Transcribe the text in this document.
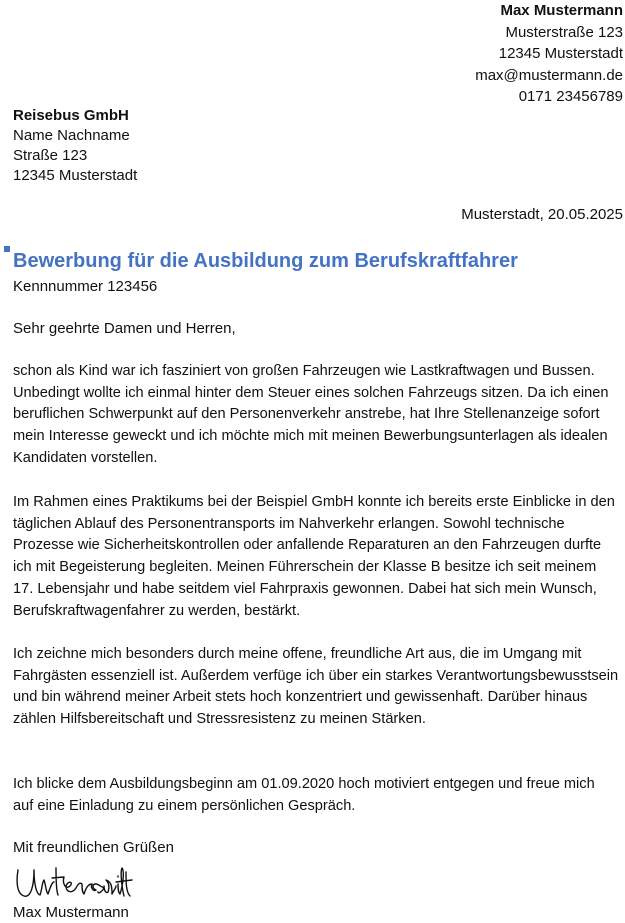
Max Mustermann
Musterstraße 123
12345 Musterstadt
max@mustermann.de
0171 23456789
Reisebus GmbH
Name Nachname
Straße 123
12345 Musterstadt
Musterstadt, 20.05.2025
Bewerbung für die Ausbildung zum Berufskraftfahrer
Kennnummer 123456
Sehr geehrte Damen und Herren,

schon als Kind war ich fasziniert von großen Fahrzeugen wie Lastkraftwagen und Bussen. Unbedingt wollte ich einmal hinter dem Steuer eines solchen Fahrzeugs sitzen. Da ich einen beruflichen Schwerpunkt auf den Personenverkehr anstrebe, hat Ihre Stellenanzeige sofort mein Interesse geweckt und ich möchte mich mit meinen Bewerbungsunterlagen als idealen Kandidaten vorstellen.

Im Rahmen eines Praktikums bei der Beispiel GmbH konnte ich bereits erste Einblicke in den täglichen Ablauf des Personentransports im Nahverkehr erlangen. Sowohl technische Prozesse wie Sicherheitskontrollen oder anfallende Reparaturen an den Fahrzeugen durfte ich mit Begeisterung begleiten. Meinen Führerschein der Klasse B besitze ich seit meinem 17. Lebensjahr und habe seitdem viel Fahrpraxis gewonnen. Dabei hat sich mein Wunsch, Berufskraftwagenfahrer zu werden, bestärkt.

Ich zeichne mich besonders durch meine offene, freundliche Art aus, die im Umgang mit Fahrgästen essenziell ist. Außerdem verfüge ich über ein starkes Verantwortungsbewusstsein und bin während meiner Arbeit stets hoch konzentriert und gewissenhaft. Darüber hinaus zählen Hilfsbereitschaft und Stressresistenz zu meinen Stärken.

Ich blicke dem Ausbildungsbeginn am 01.09.2020 hoch motiviert entgegen und freue mich auf eine Einladung zu einem persönlichen Gespräch.

Mit freundlichen Grüßen
Max Mustermann
